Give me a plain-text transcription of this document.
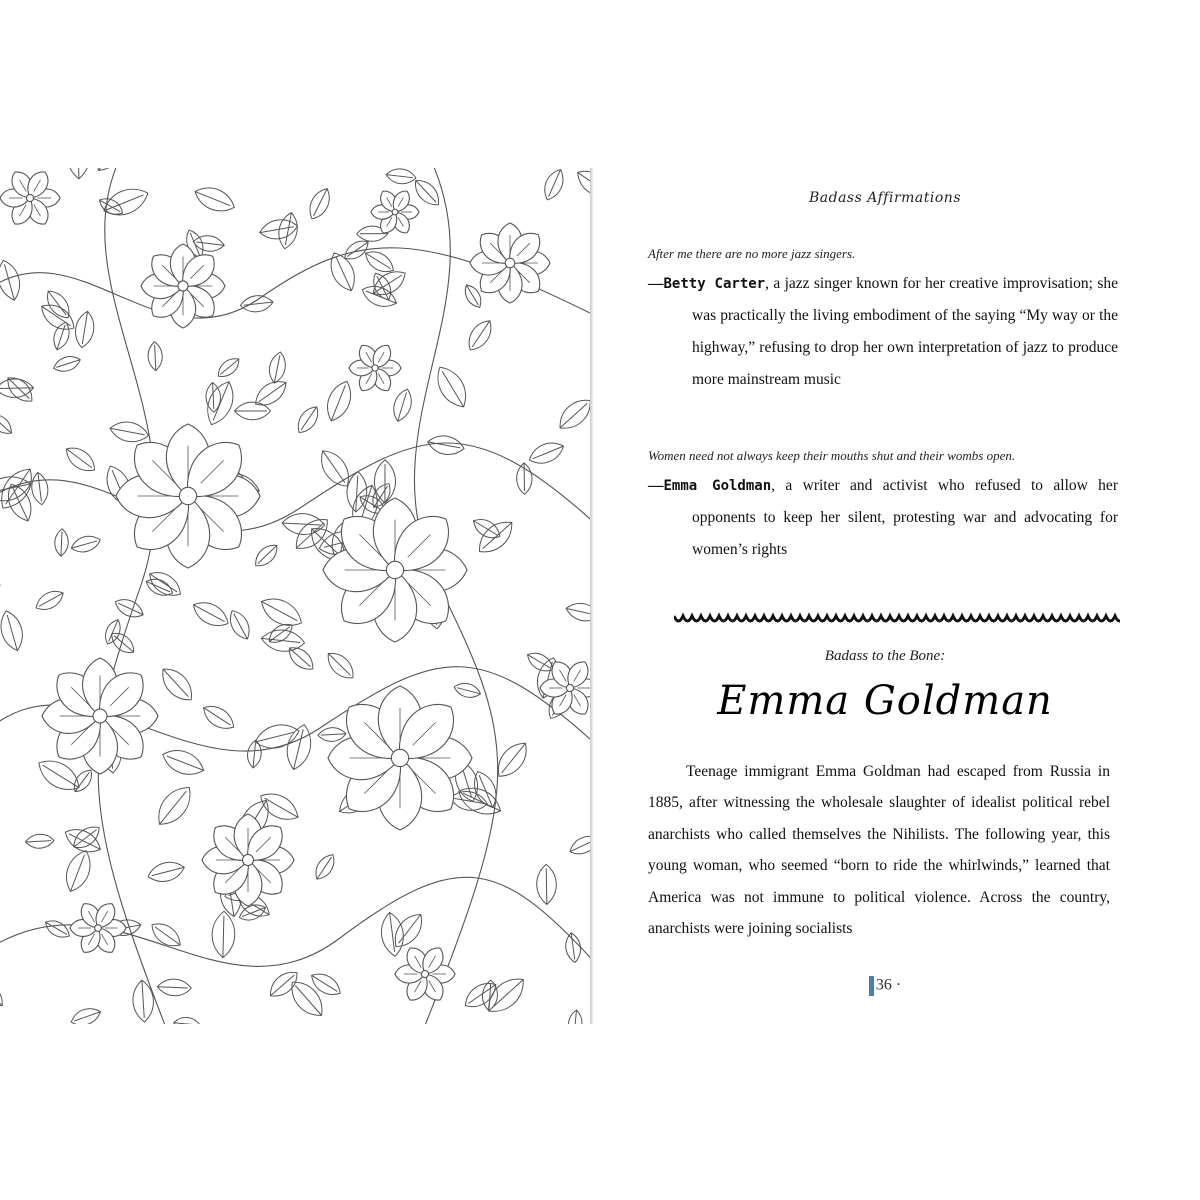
Badass Affirmations

After me there are no more jazz singers.

—Betty Carter, a jazz singer known for her creative improvisation; she was practically the living embodiment of the saying “My way or the highway,” refusing to drop her own interpretation of jazz to produce more mainstream music

Women need not always keep their mouths shut and their wombs open.

—Emma Goldman, a writer and activist who refused to allow her opponents to keep her silent, protesting war and advocating for women’s rights

Badass to the Bone:
Emma Goldman

Teenage immigrant Emma Goldman had escaped from Russia in 1885, after witnessing the wholesale slaughter of idealist political rebel anarchists who called themselves the Nihilists. The following year, this young woman, who seemed “born to ride the whirlwinds,” learned that America was not immune to political violence. Across the country, anarchists were joining socialists

36 ·
